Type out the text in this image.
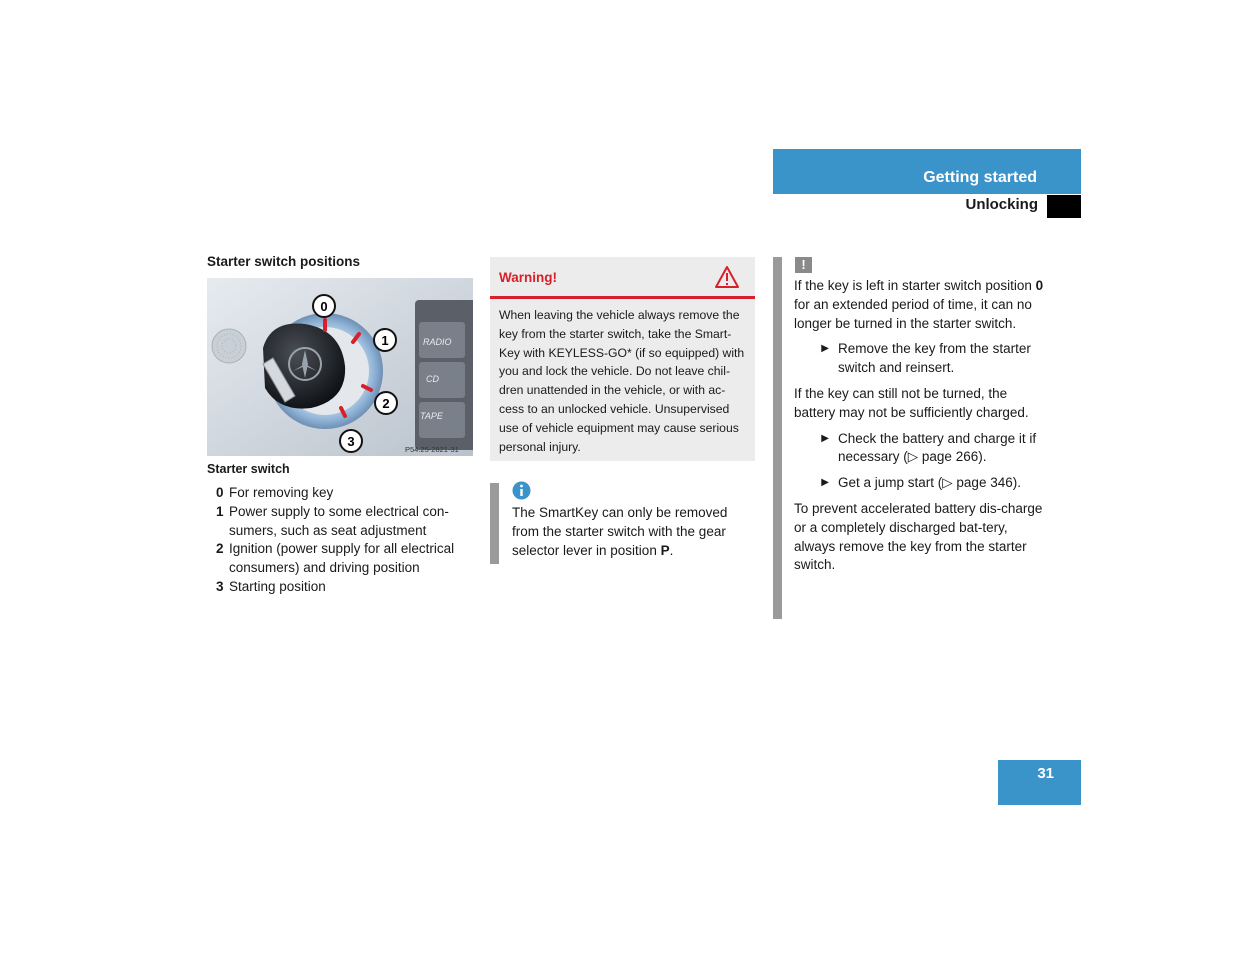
Getting started
Unlocking
Starter switch positions
RADIO
CD
TAPE
0
1
2
3
P54.25-2821-31
Starter switch
0 For removing key
1 Power supply to some electrical con-sumers, such as seat adjustment
2 Ignition (power supply for all electrical consumers) and driving position
3 Starting position
Warning!
When leaving the vehicle always remove the key from the starter switch, take the Smart-Key with KEYLESS-GO* (if so equipped) with you and lock the vehicle. Do not leave chil-dren unattended in the vehicle, or with ac-cess to an unlocked vehicle. Unsupervised use of vehicle equipment may cause serious personal injury.
The SmartKey can only be removed from the starter switch with the gear selector lever in position P.
!

If the key is left in starter switch position 0 for an extended period of time, it can no longer be turned in the starter switch.

▶ Remove the key from the starter switch and reinsert.

If the key can still not be turned, the battery may not be sufficiently charged.

▶ Check the battery and charge it if necessary (▷ page 266).
▶ Get a jump start (▷ page 346).

To prevent accelerated battery dis-charge or a completely discharged bat-tery, always remove the key from the starter switch.

31
